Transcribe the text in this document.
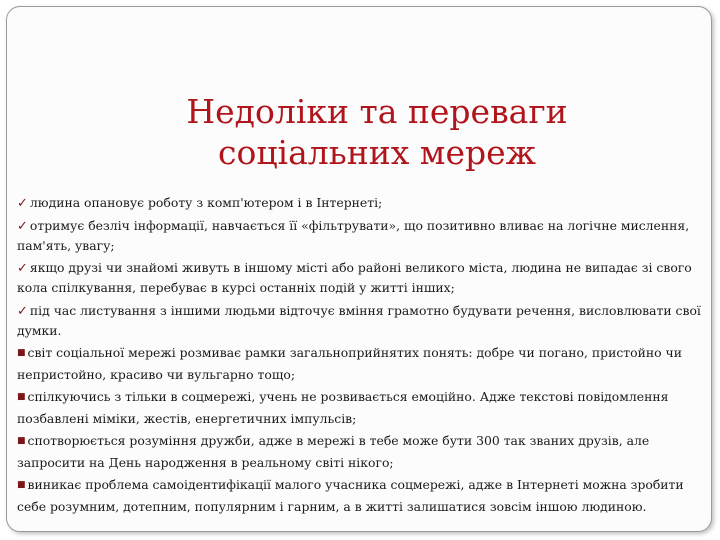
Недоліки та переваги
соціальних мереж
✓ людина опановує роботу з комп'ютером і в Інтернеті;
✓ отримує безліч інформації, навчається її «фільтрувати», що позитивно вливає на логічне мислення, пам'ять, увагу;
✓ якщо друзі чи знайомі живуть в іншому місті або районі великого міста, людина не випадає зі свого кола спілкування, перебуває в курсі останніх подій у житті інших;
✓ під час листування з іншими людьми відточує вміння грамотно будувати речення, висловлювати свої думки.
■ світ соціальної мережі розмиває рамки загальноприйнятих понять: добре чи погано, пристойно чи непристойно, красиво чи вульгарно тощо;
■ спілкуючись з тільки в соцмережі, учень не розвивається емоційно. Адже текстові повідомлення позбавлені міміки, жестів, енергетичних імпульсів;
■ спотворюється розуміння дружби, адже в мережі в тебе може бути 300 так званих друзів, але запросити на День народження в реальному світі нікого;
■ виникає проблема самоідентифікації малого учасника соцмережі, адже в Інтернеті можна зробити себе розумним, дотепним, популярним і гарним, а в житті залишатися зовсім іншою людиною.
